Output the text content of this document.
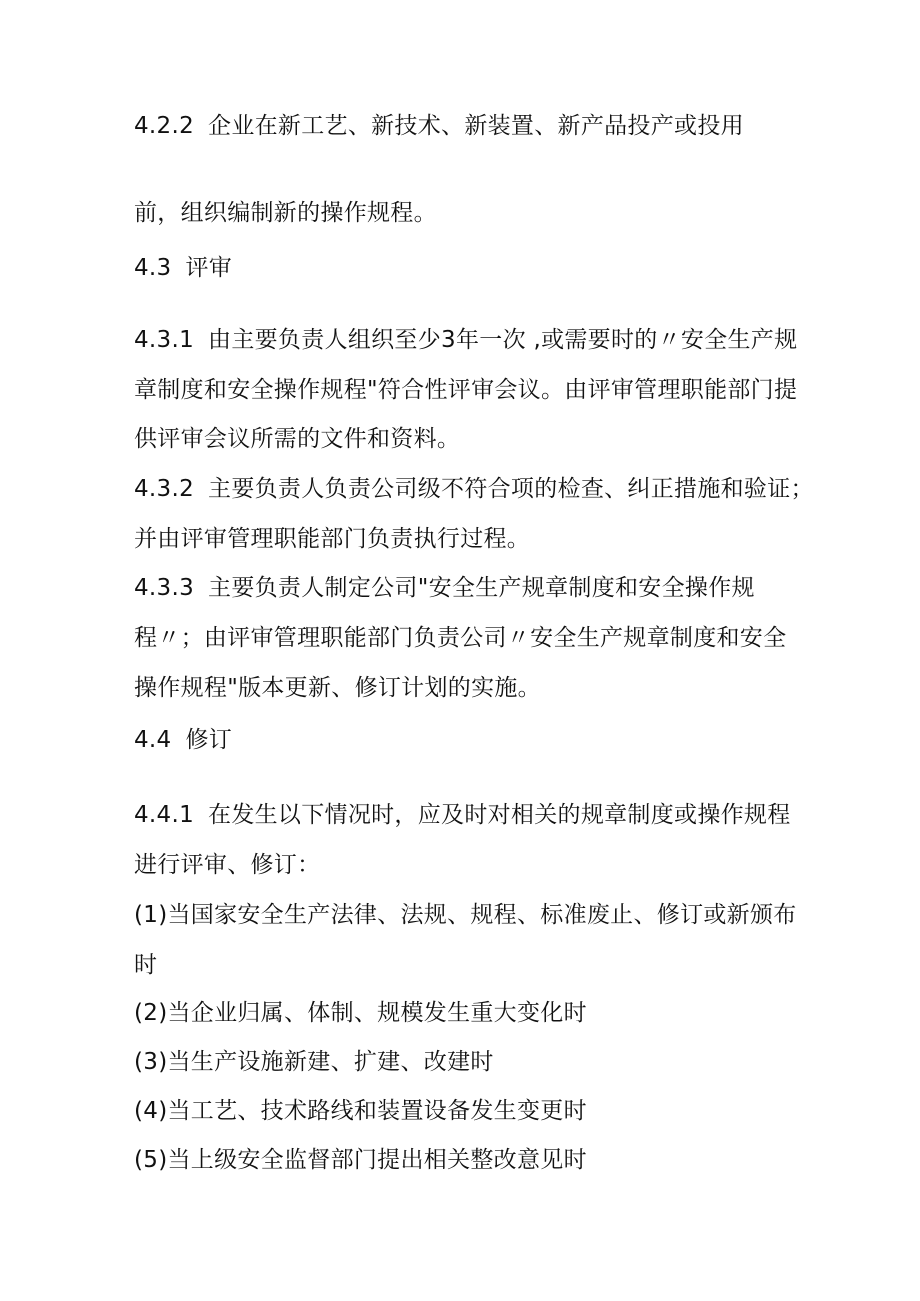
4.2.2 企业在新工艺、新技术、新装置、新产品投产或投用
前，组织编制新的操作规程。
4.3 评审
4.3.1 由主要负责人组织至少3年一次 ,或需要时的〃安全生产规
章制度和安全操作规程"符合性评审会议。由评审管理职能部门提
供评审会议所需的文件和资料。
4.3.2 主要负责人负责公司级不符合项的检查、纠正措施和验证；
并由评审管理职能部门负责执行过程。
4.3.3 主要负责人制定公司"安全生产规章制度和安全操作规
程〃；由评审管理职能部门负责公司〃安全生产规章制度和安全
操作规程"版本更新、修订计划的实施。
4.4 修订
4.4.1 在发生以下情况时，应及时对相关的规章制度或操作规程
进行评审、修订：
(1)当国家安全生产法律、法规、规程、标准废止、修订或新颁布
时
(2)当企业归属、体制、规模发生重大变化时
(3)当生产设施新建、扩建、改建时
(4)当工艺、技术路线和装置设备发生变更时
(5)当上级安全监督部门提出相关整改意见时
